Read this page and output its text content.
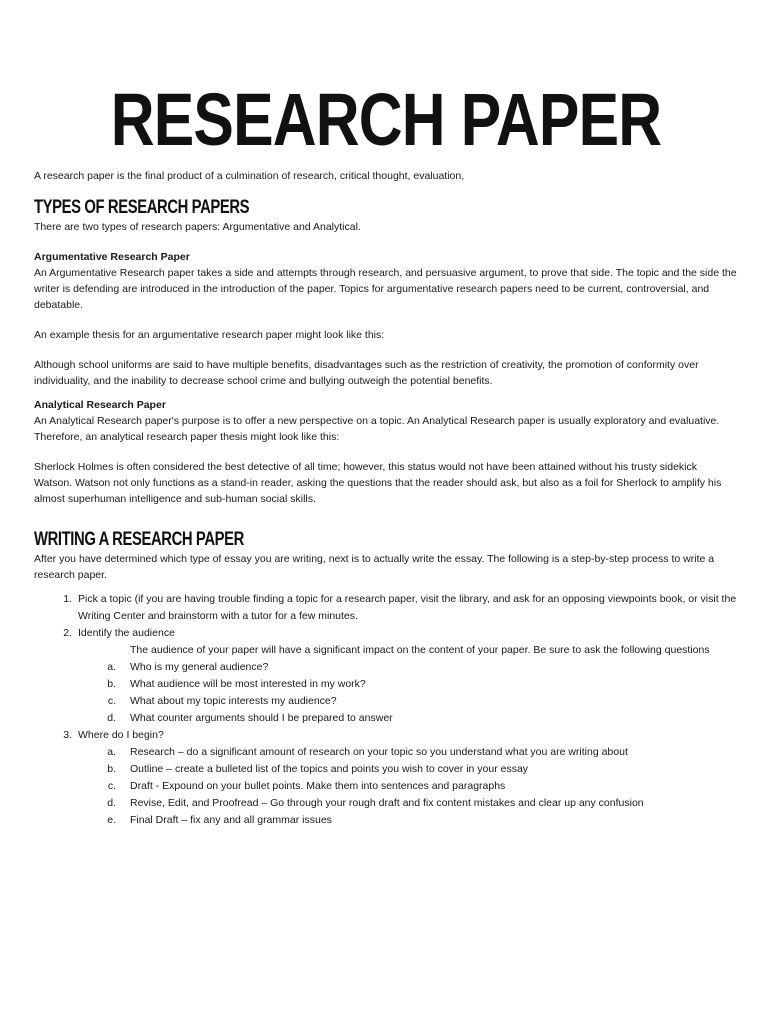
RESEARCH PAPER
A research paper is the final product of a culmination of research, critical thought, evaluation,
TYPES OF RESEARCH PAPERS

There are two types of research papers: Argumentative and Analytical.

Argumentative Research Paper

An Argumentative Research paper takes a side and attempts through research, and persuasive argument, to prove that side. The topic and the side the writer is defending are introduced in the introduction of the paper. Topics for argumentative research papers need to be current, controversial, and debatable.

An example thesis for an argumentative research paper might look like this:

Although school uniforms are said to have multiple benefits, disadvantages such as the restriction of creativity, the promotion of conformity over individuality, and the inability to decrease school crime and bullying outweigh the potential benefits.

Analytical Research Paper

An Analytical Research paper's purpose is to offer a new perspective on a topic. An Analytical Research paper is usually exploratory and evaluative. Therefore, an analytical research paper thesis might look like this:

Sherlock Holmes is often considered the best detective of all time; however, this status would not have been attained without his trusty sidekick Watson. Watson not only functions as a stand-in reader, asking the questions that the reader should ask, but also as a foil for Sherlock to amplify his almost superhuman intelligence and sub-human social skills.

WRITING A RESEARCH PAPER

After you have determined which type of essay you are writing, next is to actually write the essay. The following is a step-by-step process to write a research paper.

1. Pick a topic (if you are having trouble finding a topic for a research paper, visit the library, and ask for an opposing viewpoints book, or visit the Writing Center and brainstorm with a tutor for a few minutes.
2. Identify the audience
The audience of your paper will have a significant impact on the content of your paper. Be sure to ask the following questions
a.	Who is my general audience?
b.	What audience will be most interested in my work?
c.	What about my topic interests my audience?
d.	What counter arguments should I be prepared to answer
3. Where do I begin?
a.	Research – do a significant amount of research on your topic so you understand what you are writing about
b.	Outline – create a bulleted list of the topics and points you wish to cover in your essay
c.	Draft - Expound on your bullet points. Make them into sentences and paragraphs
d.	Revise, Edit, and Proofread – Go through your rough draft and fix content mistakes and clear up any confusion
e.	Final Draft – fix any and all grammar issues
